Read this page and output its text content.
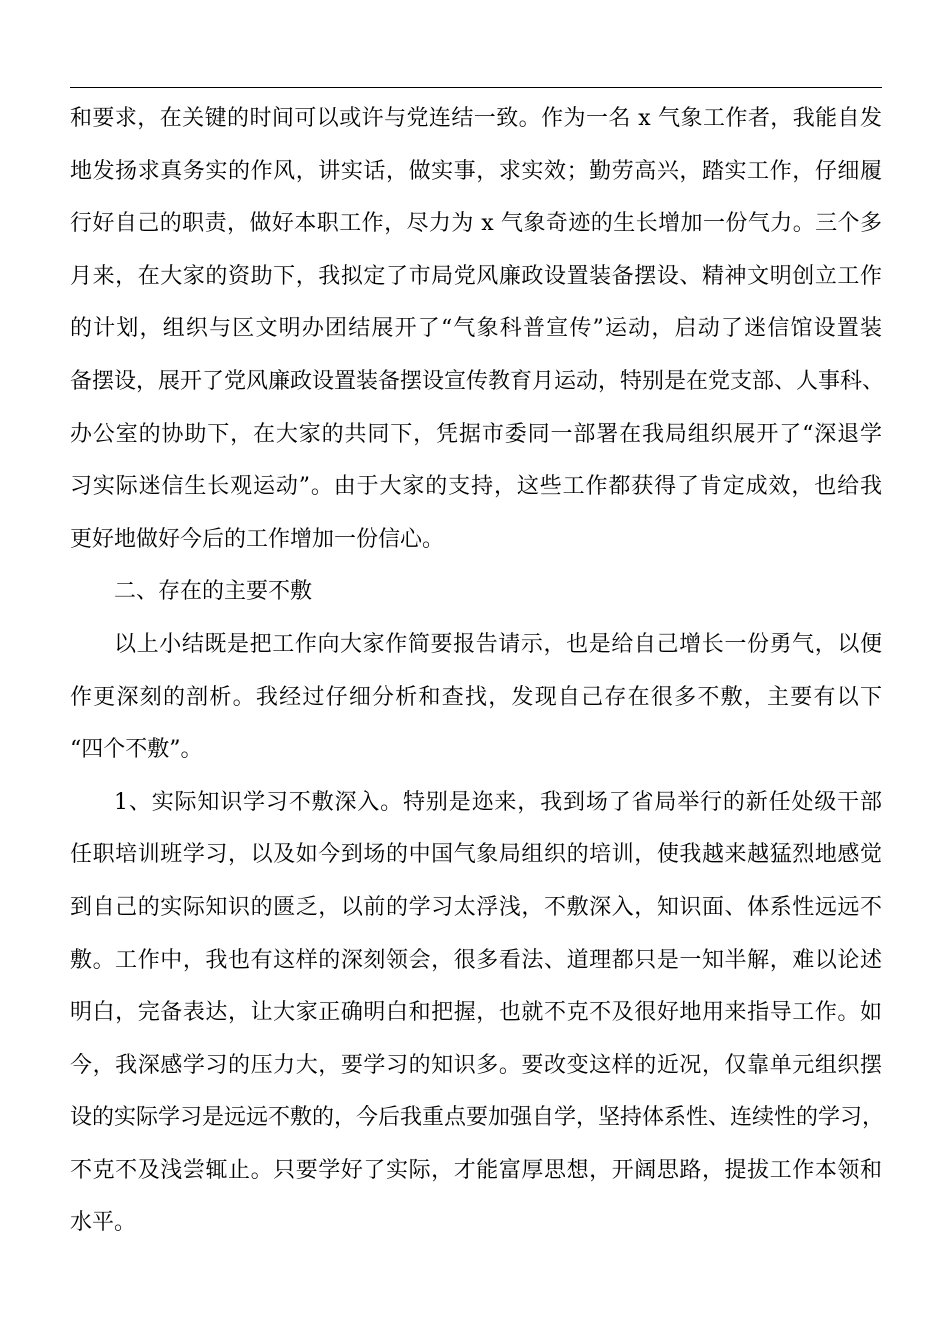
和要求，在关键的时间可以或许与党连结一致。作为一名 x 气象工作者，我能自发
地发扬求真务实的作风，讲实话，做实事，求实效；勤劳高兴，踏实工作，仔细履
行好自己的职责，做好本职工作，尽力为 x 气象奇迹的生长增加一份气力。三个多
月来，在大家的资助下，我拟定了市局党风廉政设置装备摆设、精神文明创立工作
的计划，组织与区文明办团结展开了“气象科普宣传”运动，启动了迷信馆设置装
备摆设，展开了党风廉政设置装备摆设宣传教育月运动，特别是在党支部、人事科、
办公室的协助下，在大家的共同下，凭据市委同一部署在我局组织展开了“深退学
习实际迷信生长观运动”。由于大家的支持，这些工作都获得了肯定成效，也给我
更好地做好今后的工作增加一份信心。
二、存在的主要不敷
以上小结既是把工作向大家作简要报告请示，也是给自己增长一份勇气，以便
作更深刻的剖析。我经过仔细分析和查找，发现自己存在很多不敷，主要有以下
“四个不敷”。
1、实际知识学习不敷深入。特别是迩来，我到场了省局举行的新任处级干部
任职培训班学习，以及如今到场的中国气象局组织的培训，使我越来越猛烈地感觉
到自己的实际知识的匮乏，以前的学习太浮浅，不敷深入，知识面、体系性远远不
敷。工作中，我也有这样的深刻领会，很多看法、道理都只是一知半解，难以论述
明白，完备表达，让大家正确明白和把握，也就不克不及很好地用来指导工作。如
今，我深感学习的压力大，要学习的知识多。要改变这样的近况，仅靠单元组织摆
设的实际学习是远远不敷的，今后我重点要加强自学，坚持体系性、连续性的学习，
不克不及浅尝辄止。只要学好了实际，才能富厚思想，开阔思路，提拔工作本领和
水平。
